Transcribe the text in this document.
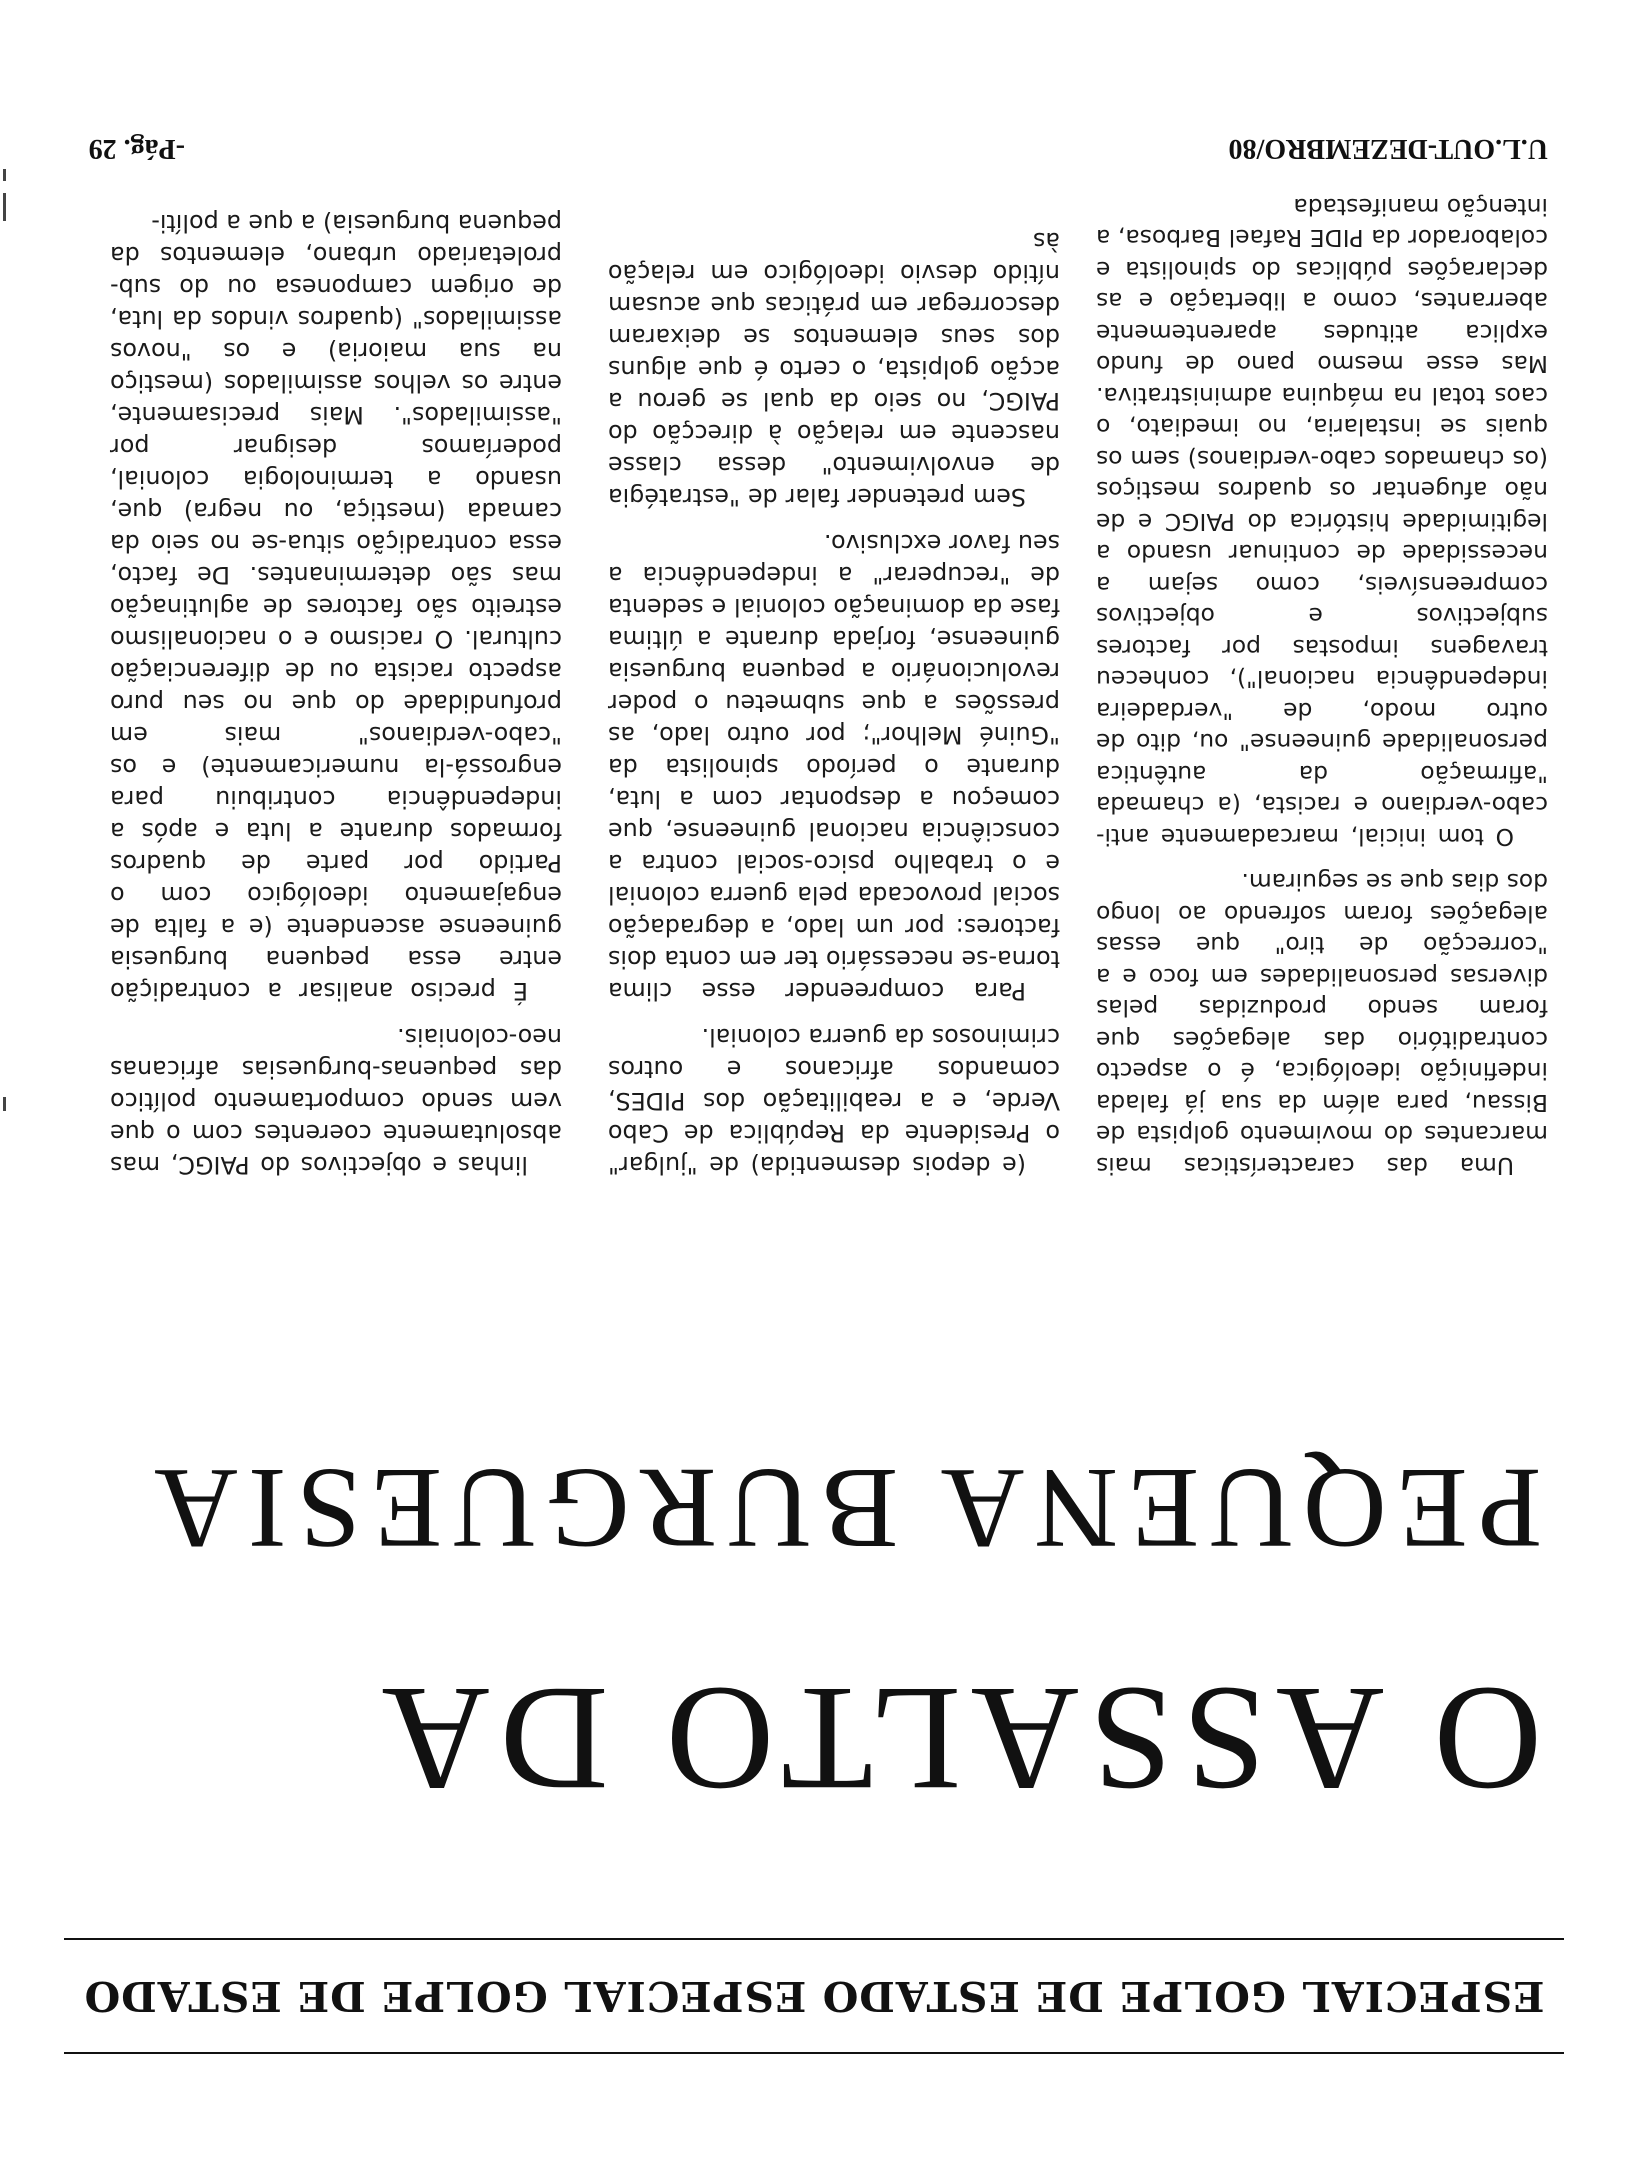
ESPECIAL GOLPE DE ESTADO ESPECIAL GOLPE DE ESTADO
O ASSALTO DA
PEQUENA BURGUESIA

Uma das características mais marcantes do movimento golpista de Bissau, para além da sua já falada indefinição ideológica, é o aspecto contraditório das alegações que foram sendo produzidas pelas diversas personalidades em foco e a "correcção de tiro" que essas alegações foram sofrendo ao longo dos dias que se seguiram.

O tom inicial, marcadamente anti-cabo-verdiano e racista, (a chamada "afirmação da autêntica personalidade guineense" ou, dito de outro modo, de "verdadeira independência nacional"), conheceu travagens impostas por factores subjectivos e objectivos compreensíveis, como sejam a necessidade de continuar usando a legitimidade histórica do PAIGC e de não afugentar os quadros mestiços (os chamados cabo-verdianos) sem os quais se instalaria, no imediato, o caos total na máquina administrativa. Mas esse mesmo pano de fundo explica atitudes aparentemente aberrantes, como a libertação e as declarações públicas do spinolista e colaborador da PIDE Rafael Barbosa, a intenção manifestada

(e depois desmentida) de "julgar" o Presidente da República de Cabo Verde, e a reabilitação dos PIDES, comandos africanos e outros criminosos da guerra colonial.

Para compreender esse clima torna-se necessário ter em conta dois factores: por um lado, a degradação social provocada pela guerra colonial e o trabalho psico-social contra a consciência nacional guineense, que começou a despontar com a luta, durante o período spinolista da "Guiné Melhor"; por outro lado, as pressões a que submeteu o poder revolucionário a pequena burguesia guineense, forjada durante a última fase da dominação colonial e sedenta de "recuperar" a independência a seu favor exclusivo.

Sem pretender falar de "estratégia de envolvimento" dessa classe nascente em relação à direcção do PAIGC, no seio da qual se gerou a acção golpista, o certo é que alguns dos seus elementos se deixaram descorregar em práticas que acusam nítido desvio ideológico em relação às

linhas e objectivos do PAIGC, mas absolutamente coerentes com o que vem sendo comportamento político das pequenas-burguesias africanas neo-coloniais.

É preciso analisar a contradição entre essa pequena burguesia guineense ascendente (e a falta de engajamento ideológico com o Partido por parte de quadros formados durante a luta e após a independência contribuiu para engrossá-la numericamente) e os "cabo-verdianos" mais em profundidade do que no seu puro aspecto racista ou de diferenciação cultural. O racismo e o nacionalismo estreito são factores de aglutinação mas são determinantes. De facto, essa contradição situa-se no seio da camada (mestiça, ou negra) que, usando a terminologia colonial, poderíamos designar por "assimilados". Mais precisamente, entre os velhos assimilados (mestiço na sua maioria) e os "novos assimilados" (quadros vindos da luta, de origem camponesa ou do sub-proletariado urbano, elementos da pequena burguesia) a que a políti-

U.L.OUT-DEZEMBRO/80
-Pág. 29
